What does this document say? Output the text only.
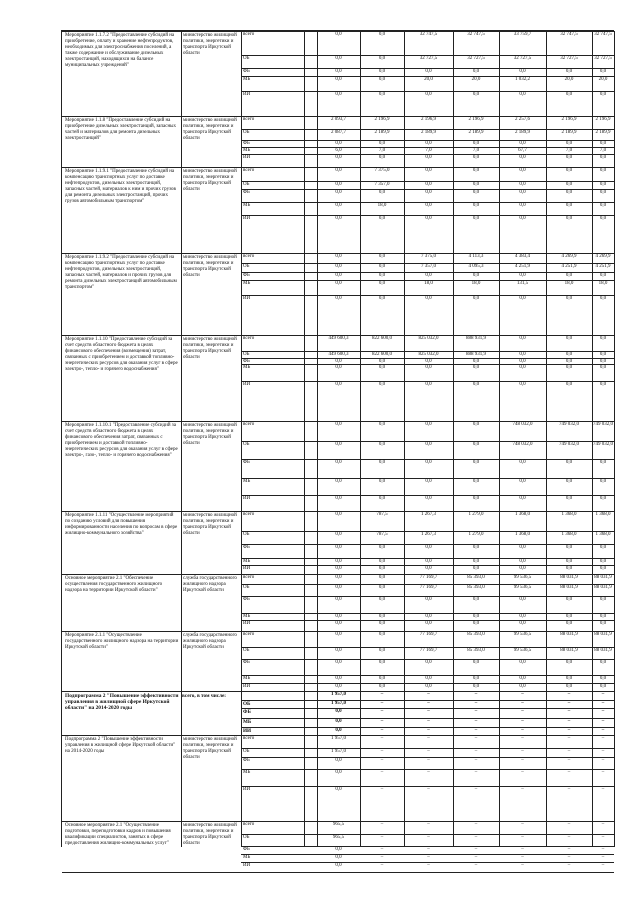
Мероприятие 1.1.7.2 "Предоставление субсидий на приобретение, оплату и хранение нефтепродуктов, необходимых для электроснабжения поселений, а также содержание и обслуживание дизельных электростанций, находящихся на балансе муниципальных учреждений"
министерство жилищной политики, энергетики и транспорта Иркутской области
всего	0,0	0,0	32 747,5	32 747,5	33 759,7	32 747,5	32 747,5
ОБ	0,0	0,0	32 727,5	32 727,5	32 727,5	32 727,5	32 727,5
ФБ	0,0	0,0	0,0	0,0	0,0	0,0	0,0
МБ	0,0	0,0	20,0	20,0	1 032,2	20,0	20,0
ИИ	0,0	0,0	0,0	0,0	0,0	0,0	0,0
Мероприятие 1.1.8 "Предоставление субсидий на приобретение дизельных электростанций, запасных частей и материалов для ремонта дизельных электростанций"
министерство жилищной политики, энергетики и транспорта Иркутской области
всего	2 093,7	2 196,9	2 196,9	2 196,9	2 257,6	2 196,9	2 196,9
ОБ	2 087,7	2 189,9	2 189,9	2 189,9	2 189,9	2 189,9	2 189,9
ФБ	0,0	0,0	0,0	0,0	0,0	0,0	0,0
МБ	6,0	7,0	7,0	7,0	67,7	7,0	7,0
ИИ	0,0	0,0	0,0	0,0	0,0	0,0	0,0
Мероприятие 1.1.9.1 "Предоставление субсидий на компенсацию транспортных услуг по доставке нефтепродуктов, дизельных электростанций, запасных частей, материалов к ним и прочих грузов для ремонта дизельных электростанций, прочих грузов автомобильным транспортом"
министерство жилищной политики, энергетики и транспорта Иркутской области
всего	0,0	7 375,0	0,0	0,0	0,0	0,0	0,0
ОБ	0,0	7 357,0	0,0	0,0	0,0	0,0	0,0
ФБ	0,0	0,0	0,0	0,0	0,0	0,0	0,0
МБ	0,0	18,0	0,0	0,0	0,0	0,0	0,0
ИИ	0,0	0,0	0,0	0,0	0,0	0,0	0,0
Мероприятие 1.1.9.2 "Предоставление субсидий на компенсацию транспортных услуг по доставке нефтепродуктов, дизельных электростанций, запасных частей, материалов и прочих грузов для ремонта дизельных электростанций автомобильным транспортом"
министерство жилищной политики, энергетики и транспорта Иркутской области
всего	0,0	0,0	7 375,0	4 113,3	4 383,4	4 269,9	4 269,9
ОБ	0,0	0,0	7 357,0	4 095,3	4 251,9	4 251,9	4 251,9
ФБ	0,0	0,0	0,0	0,0	0,0	0,0	0,0
МБ	0,0	0,0	18,0	18,0	131,5	18,0	18,0
ИИ	0,0	0,0	0,0	0,0	0,0	0,0	0,0
Мероприятие 1.1.10 "Предоставление субсидий за счет средств областного бюджета в целях финансового обеспечения (возмещения) затрат, связанных с приобретением и доставкой топливно-энергетических ресурсов для оказания услуг в сфере электро-, тепло- и горячего водоснабжения"
министерство жилищной политики, энергетики и транспорта Иркутской области
всего	449 600,3	822 600,0	825 032,0	888 931,9	0,0	0,0	0,0
ОБ	449 600,3	822 600,0	825 032,0	888 931,9	0,0	0,0	0,0
ФБ	0,0	0,0	0,0	0,0	0,0	0,0	0,0
МБ	0,0	0,0	0,0	0,0	0,0	0,0	0,0
ИИ	0,0	0,0	0,0	0,0	0,0	0,0	0,0
Мероприятие 1.1.10.1 "Предоставление субсидий за счет средств областного бюджета в целях финансового обеспечения затрат, связанных с приобретением и доставкой топливно-энергетических ресурсов для оказания услуг в сфере электро-, газо-, тепло- и горячего водоснабжения"
министерство жилищной политики, энергетики и транспорта Иркутской области
всего	0,0	0,0	0,0	0,0	748 032,0	749 032,0	749 032,0
ОБ	0,0	0,0	0,0	0,0	748 032,0	749 032,0	749 032,0
ФБ	0,0	0,0	0,0	0,0	0,0	0,0	0,0
МБ	0,0	0,0	0,0	0,0	0,0	0,0	0,0
ИИ	0,0	0,0	0,0	0,0	0,0	0,0	0,0
Мероприятие 1.1.11 "Осуществление мероприятий по созданию условий для повышения информированности населения по вопросам в сфере жилищно-коммунального хозяйства"
министерство жилищной политики, энергетики и транспорта Иркутской области
всего	0,0	787,5	1 267,3	1 279,0	1 368,0	1 368,0	1 368,0
ОБ	0,0	787,5	1 267,3	1 279,0	1 368,0	1 368,0	1 368,0
ФБ	0,0	0,0	0,0	0,0	0,0	0,0	0,0
МБ	0,0	0,0	0,0	0,0	0,0	0,0	0,0
ИИ	0,0	0,0	0,0	0,0	0,0	0,0	0,0
Основное мероприятие 2.1 "Обеспечение осуществления государственного жилищного надзора на территории Иркутской области"
служба государственного жилищного надзора Иркутской области
всего	0,0	0,0	77 169,7	85 393,0	99 536,5	88 031,9	88 031,9
ОБ	0,0	0,0	77 169,7	85 393,0	99 536,5	88 031,9	88 031,9
ФБ	0,0	0,0	0,0	0,0	0,0	0,0	0,0
МБ	0,0	0,0	0,0	0,0	0,0	0,0	0,0
ИИ	0,0	0,0	0,0	0,0	0,0	0,0	0,0
Мероприятие 2.1.1 "Осуществление государственного жилищного надзора на территории Иркутской области"
служба государственного жилищного надзора Иркутской области
всего	0,0	0,0	77 169,7	85 393,0	99 536,5	88 031,9	88 031,9
ОБ	0,0	0,0	77 169,7	85 393,0	99 536,5	88 031,9	88 031,9
ФБ	0,0	0,0	0,0	0,0	0,0	0,0	0,0
МБ	0,0	0,0	0,0	0,0	0,0	0,0	0,0
ИИ	0,0	0,0	0,0	0,0	0,0	0,0	0,0
Подпрограмма 2 "Повышение эффективности управления в жилищной сфере Иркутской области" на 2014-2020 годы
всего, в том числе:	1 957,0	–	–	–	–	–	–
ОБ	1 957,0	–	–	–	–	–	–
ФБ	0,0	–	–	–	–	–	–
МБ	0,0	–	–	–	–	–	–
ИИ	0,0	–	–	–	–	–	–
Подпрограмма 2 "Повышение эффективности управления в жилищной сфере Иркутской области" на 2014-2020 годы
министерство жилищной политики, энергетики и транспорта Иркутской области
всего	1 957,0	–	–	–	–	–	–
ОБ	1 957,0	–	–	–	–	–	–
ФБ	0,0	–	–	–	–	–	–
МБ	0,0	–	–	–	–	–	–
ИИ	0,0	–	–	–	–	–	–
Основное мероприятие 2.1 "Осуществление подготовки, переподготовки кадров и повышения квалификации специалистов, занятых в сфере предоставления жилищно-коммунальных услуг"
министерство жилищной политики, энергетики и транспорта Иркутской области
всего	965,5	–	–	–	–	–	–
ОБ	965,5	–	–	–	–	–	–
ФБ	0,0	–	–	–	–	–	–
МБ	0,0	–	–	–	–	–	–
ИИ	0,0	–	–	–	–	–	–
